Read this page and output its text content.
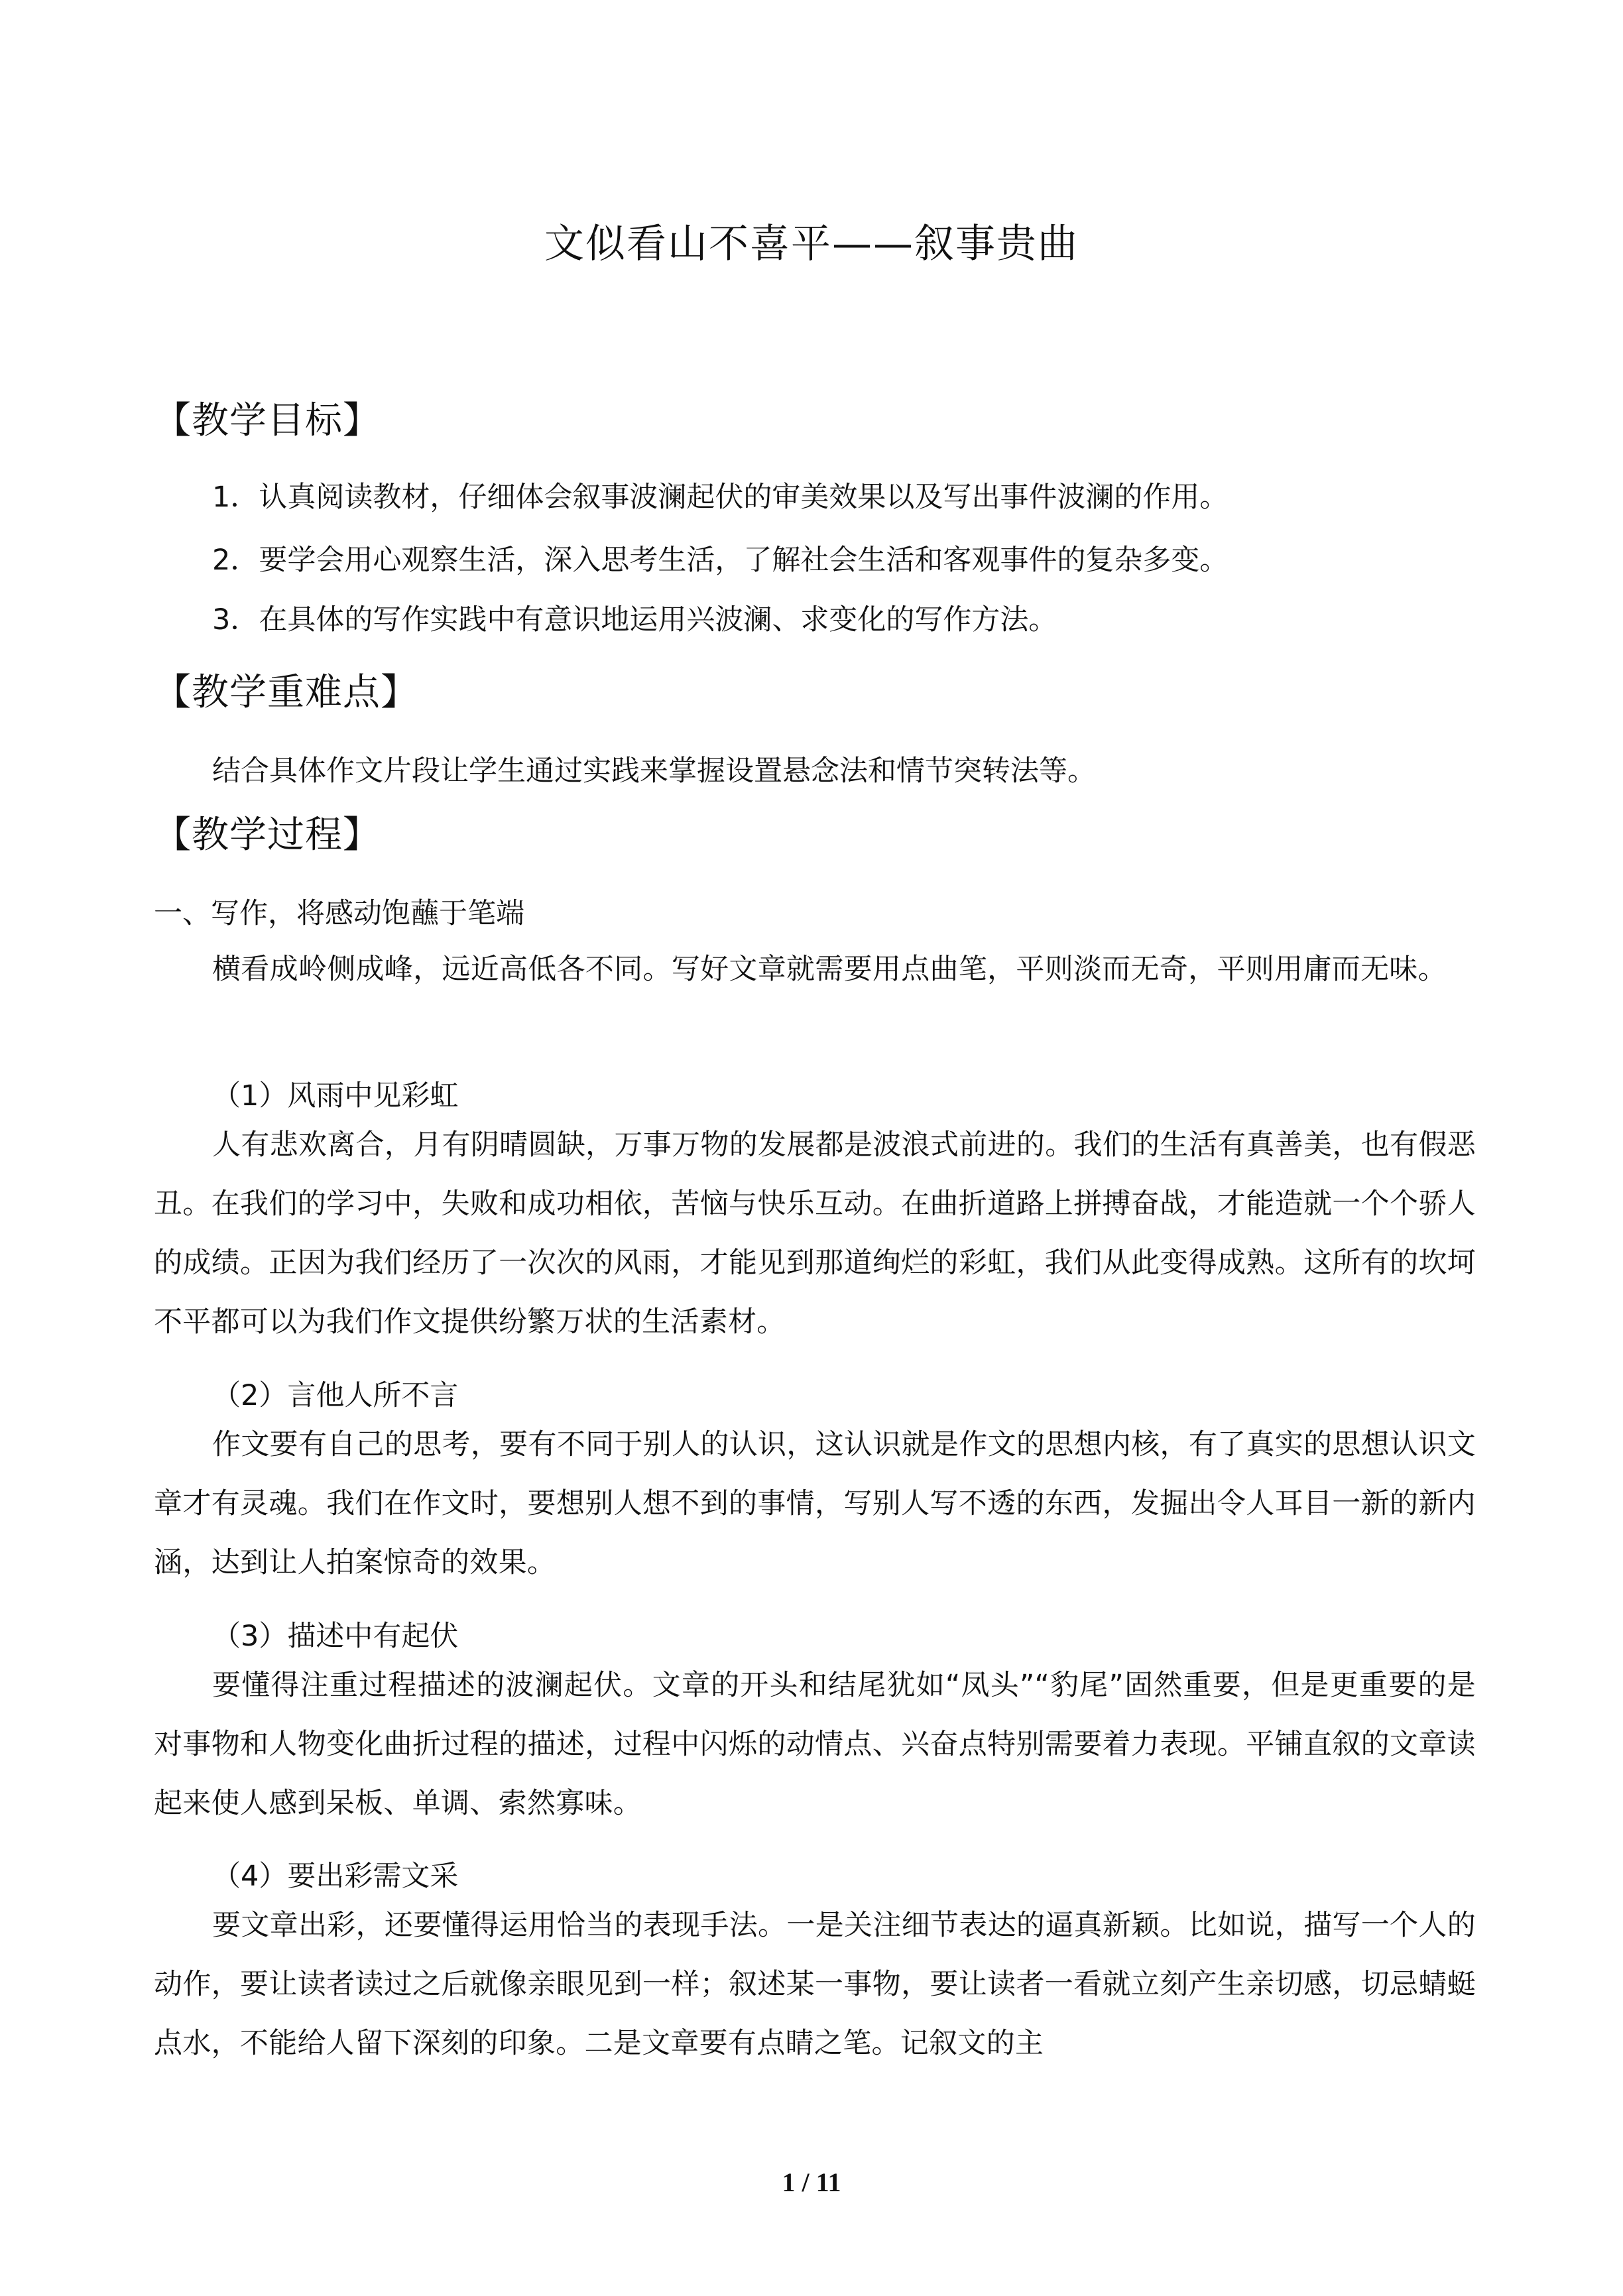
文似看山不喜平——叙事贵曲
【教学目标】
1．认真阅读教材，仔细体会叙事波澜起伏的审美效果以及写出事件波澜的作用。
2．要学会用心观察生活，深入思考生活，了解社会生活和客观事件的复杂多变。
3．在具体的写作实践中有意识地运用兴波澜、求变化的写作方法。
【教学重难点】
结合具体作文片段让学生通过实践来掌握设置悬念法和情节突转法等。
【教学过程】
一、写作，将感动饱蘸于笔端
横看成岭侧成峰，远近高低各不同。写好文章就需要用点曲笔，平则淡而无奇，平则用庸而无味。
（1）风雨中见彩虹
人有悲欢离合，月有阴晴圆缺，万事万物的发展都是波浪式前进的。我们的生活有真善美，也有假恶丑。在我们的学习中，失败和成功相依，苦恼与快乐互动。在曲折道路上拼搏奋战，才能造就一个个骄人的成绩。正因为我们经历了一次次的风雨，才能见到那道绚烂的彩虹，我们从此变得成熟。这所有的坎坷不平都可以为我们作文提供纷繁万状的生活素材。
（2）言他人所不言
作文要有自己的思考，要有不同于别人的认识，这认识就是作文的思想内核，有了真实的思想认识文章才有灵魂。我们在作文时，要想别人想不到的事情，写别人写不透的东西，发掘出令人耳目一新的新内涵，达到让人拍案惊奇的效果。
（3）描述中有起伏
要懂得注重过程描述的波澜起伏。文章的开头和结尾犹如“凤头”“豹尾”固然重要，但是更重要的是对事物和人物变化曲折过程的描述，过程中闪烁的动情点、兴奋点特别需要着力表现。平铺直叙的文章读起来使人感到呆板、单调、索然寡味。
（4）要出彩需文采
要文章出彩，还要懂得运用恰当的表现手法。一是关注细节表达的逼真新颖。比如说，描写一个人的动作，要让读者读过之后就像亲眼见到一样；叙述某一事物，要让读者一看就立刻产生亲切感，切忌蜻蜓点水，不能给人留下深刻的印象。二是文章要有点睛之笔。记叙文的主
1 / 11
